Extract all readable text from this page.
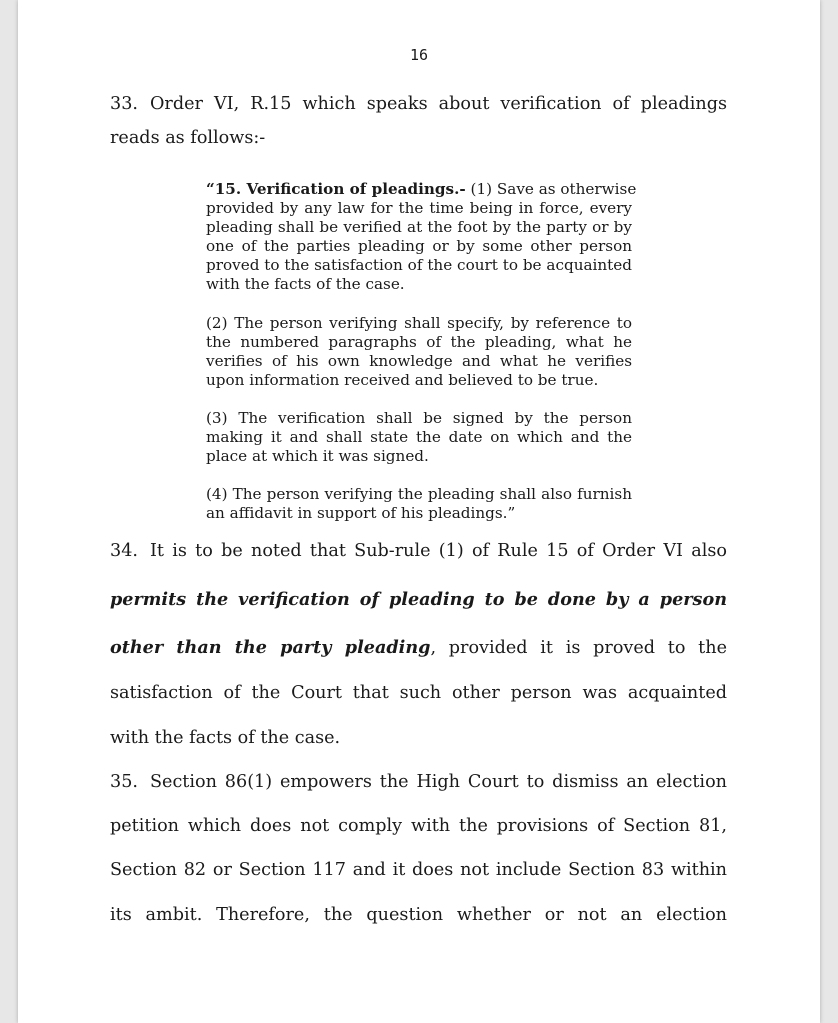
16
33. Order VI, R.15 which speaks about verification of pleadings
reads as follows:-
“15. Verification of pleadings.- (1) Save as otherwise
provided by any law for the time being in force, every
pleading shall be verified at the foot by the party or by
one of the parties pleading or by some other person
proved to the satisfaction of the court to be acquainted
with the facts of the case.
(2) The person verifying shall specify, by reference to
the numbered paragraphs of the pleading, what he
verifies of his own knowledge and what he verifies
upon information received and believed to be true.
(3) The verification shall be signed by the person
making it and shall state the date on which and the
place at which it was signed.
(4) The person verifying the pleading shall also furnish
an affidavit in support of his pleadings.”
34. It is to be noted that Sub-rule (1) of Rule 15 of Order VI also
permits the verification of pleading to be done by a person
other than the party pleading, provided it is proved to the
satisfaction of the Court that such other person was acquainted
with the facts of the case.
35. Section 86(1) empowers the High Court to dismiss an election
petition which does not comply with the provisions of Section 81,
Section 82 or Section 117 and it does not include Section 83 within
its ambit. Therefore, the question whether or not an election
